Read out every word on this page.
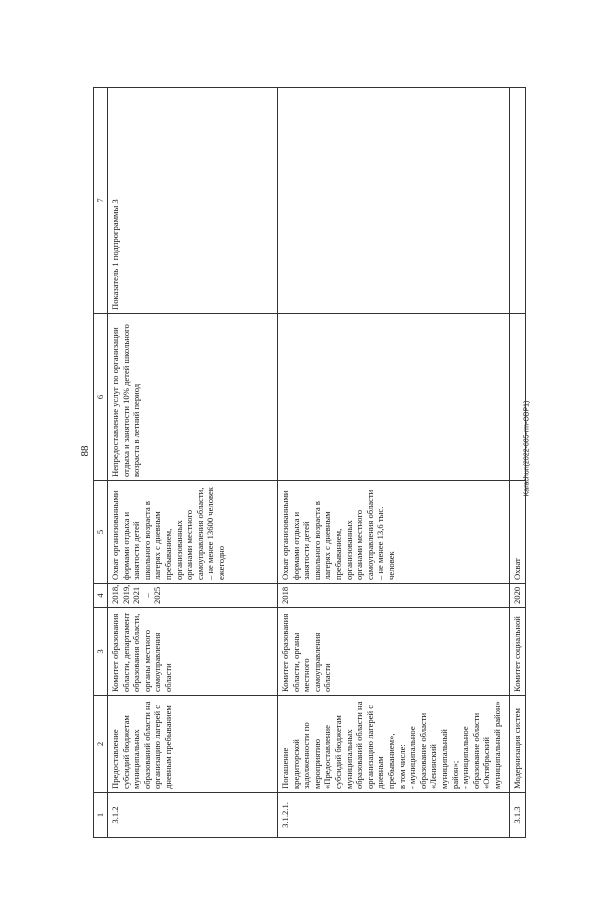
88	Karachun(2022-605-rm-OBP1)
1	2	3	4	5	6	7
3.1.2	Предоставление субсидий бюджетам муниципальных образований области на организацию лагерей с дневным пребыванием	Комитет образования области, департамент образования области, органы местного самоуправления области	2018,
2019,
2021 –
2025	Охват организованными формами отдыха и занятости детей школьного возраста в лагерях с дневным пребыванием, организованных органами местного самоуправления области, – не менее 13600 человек ежегодно	Непредоставление услуг по организации отдыха и занятости 10% детей школьного возраста в летний период	Показатель 1 подпрограммы 3
3.1.2.1.	Погашение кредиторской задолженности по мероприятию «Предоставление субсидий бюджетам муниципальных образований области на организацию лагерей с дневным пребыванием»,
в том числе:
- муниципальное образование области «Ленинский муниципальный район»;
- муниципальное образование области «Октябрьский муниципальный район»	Комитет образования области, органы местного самоуправления области	2018	Охват организованными формами отдыха и занятости детей школьного возраста в лагерях с дневным пребыванием, организованных органами местного самоуправления области – не менее 13,6 тыс. человек		
3.1.3	Модернизация систем	Комитет социальной	2020	Охват		
